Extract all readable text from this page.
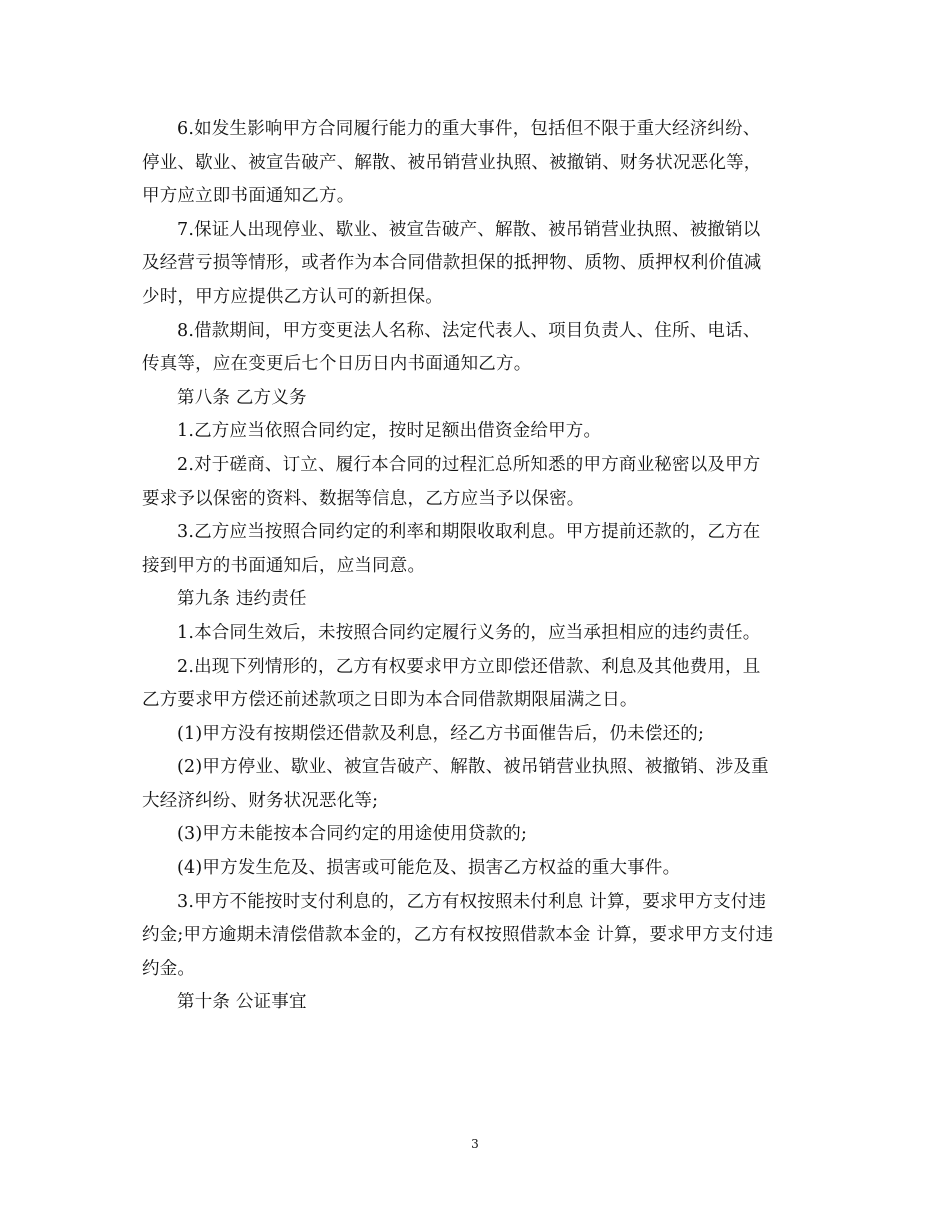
6.如发生影响甲方合同履行能力的重大事件，包括但不限于重大经济纠纷、
停业、歇业、被宣告破产、解散、被吊销营业执照、被撤销、财务状况恶化等，
甲方应立即书面通知乙方。

7.保证人出现停业、歇业、被宣告破产、解散、被吊销营业执照、被撤销以
及经营亏损等情形，或者作为本合同借款担保的抵押物、质物、质押权利价值减
少时，甲方应提供乙方认可的新担保。

8.借款期间，甲方变更法人名称、法定代表人、项目负责人、住所、电话、
传真等，应在变更后七个日历日内书面通知乙方。

第八条 乙方义务

1.乙方应当依照合同约定，按时足额出借资金给甲方。

2.对于磋商、订立、履行本合同的过程汇总所知悉的甲方商业秘密以及甲方
要求予以保密的资料、数据等信息，乙方应当予以保密。

3.乙方应当按照合同约定的利率和期限收取利息。甲方提前还款的，乙方在
接到甲方的书面通知后，应当同意。

第九条 违约责任

1.本合同生效后，未按照合同约定履行义务的，应当承担相应的违约责任。

2.出现下列情形的，乙方有权要求甲方立即偿还借款、利息及其他费用，且
乙方要求甲方偿还前述款项之日即为本合同借款期限届满之日。

(1)甲方没有按期偿还借款及利息，经乙方书面催告后，仍未偿还的;

(2)甲方停业、歇业、被宣告破产、解散、被吊销营业执照、被撤销、涉及重
大经济纠纷、财务状况恶化等;

(3)甲方未能按本合同约定的用途使用贷款的;

(4)甲方发生危及、损害或可能危及、损害乙方权益的重大事件。

3.甲方不能按时支付利息的，乙方有权按照未付利息 计算，要求甲方支付违
约金;甲方逾期未清偿借款本金的，乙方有权按照借款本金 计算，要求甲方支付违
约金。

第十条 公证事宜

3
